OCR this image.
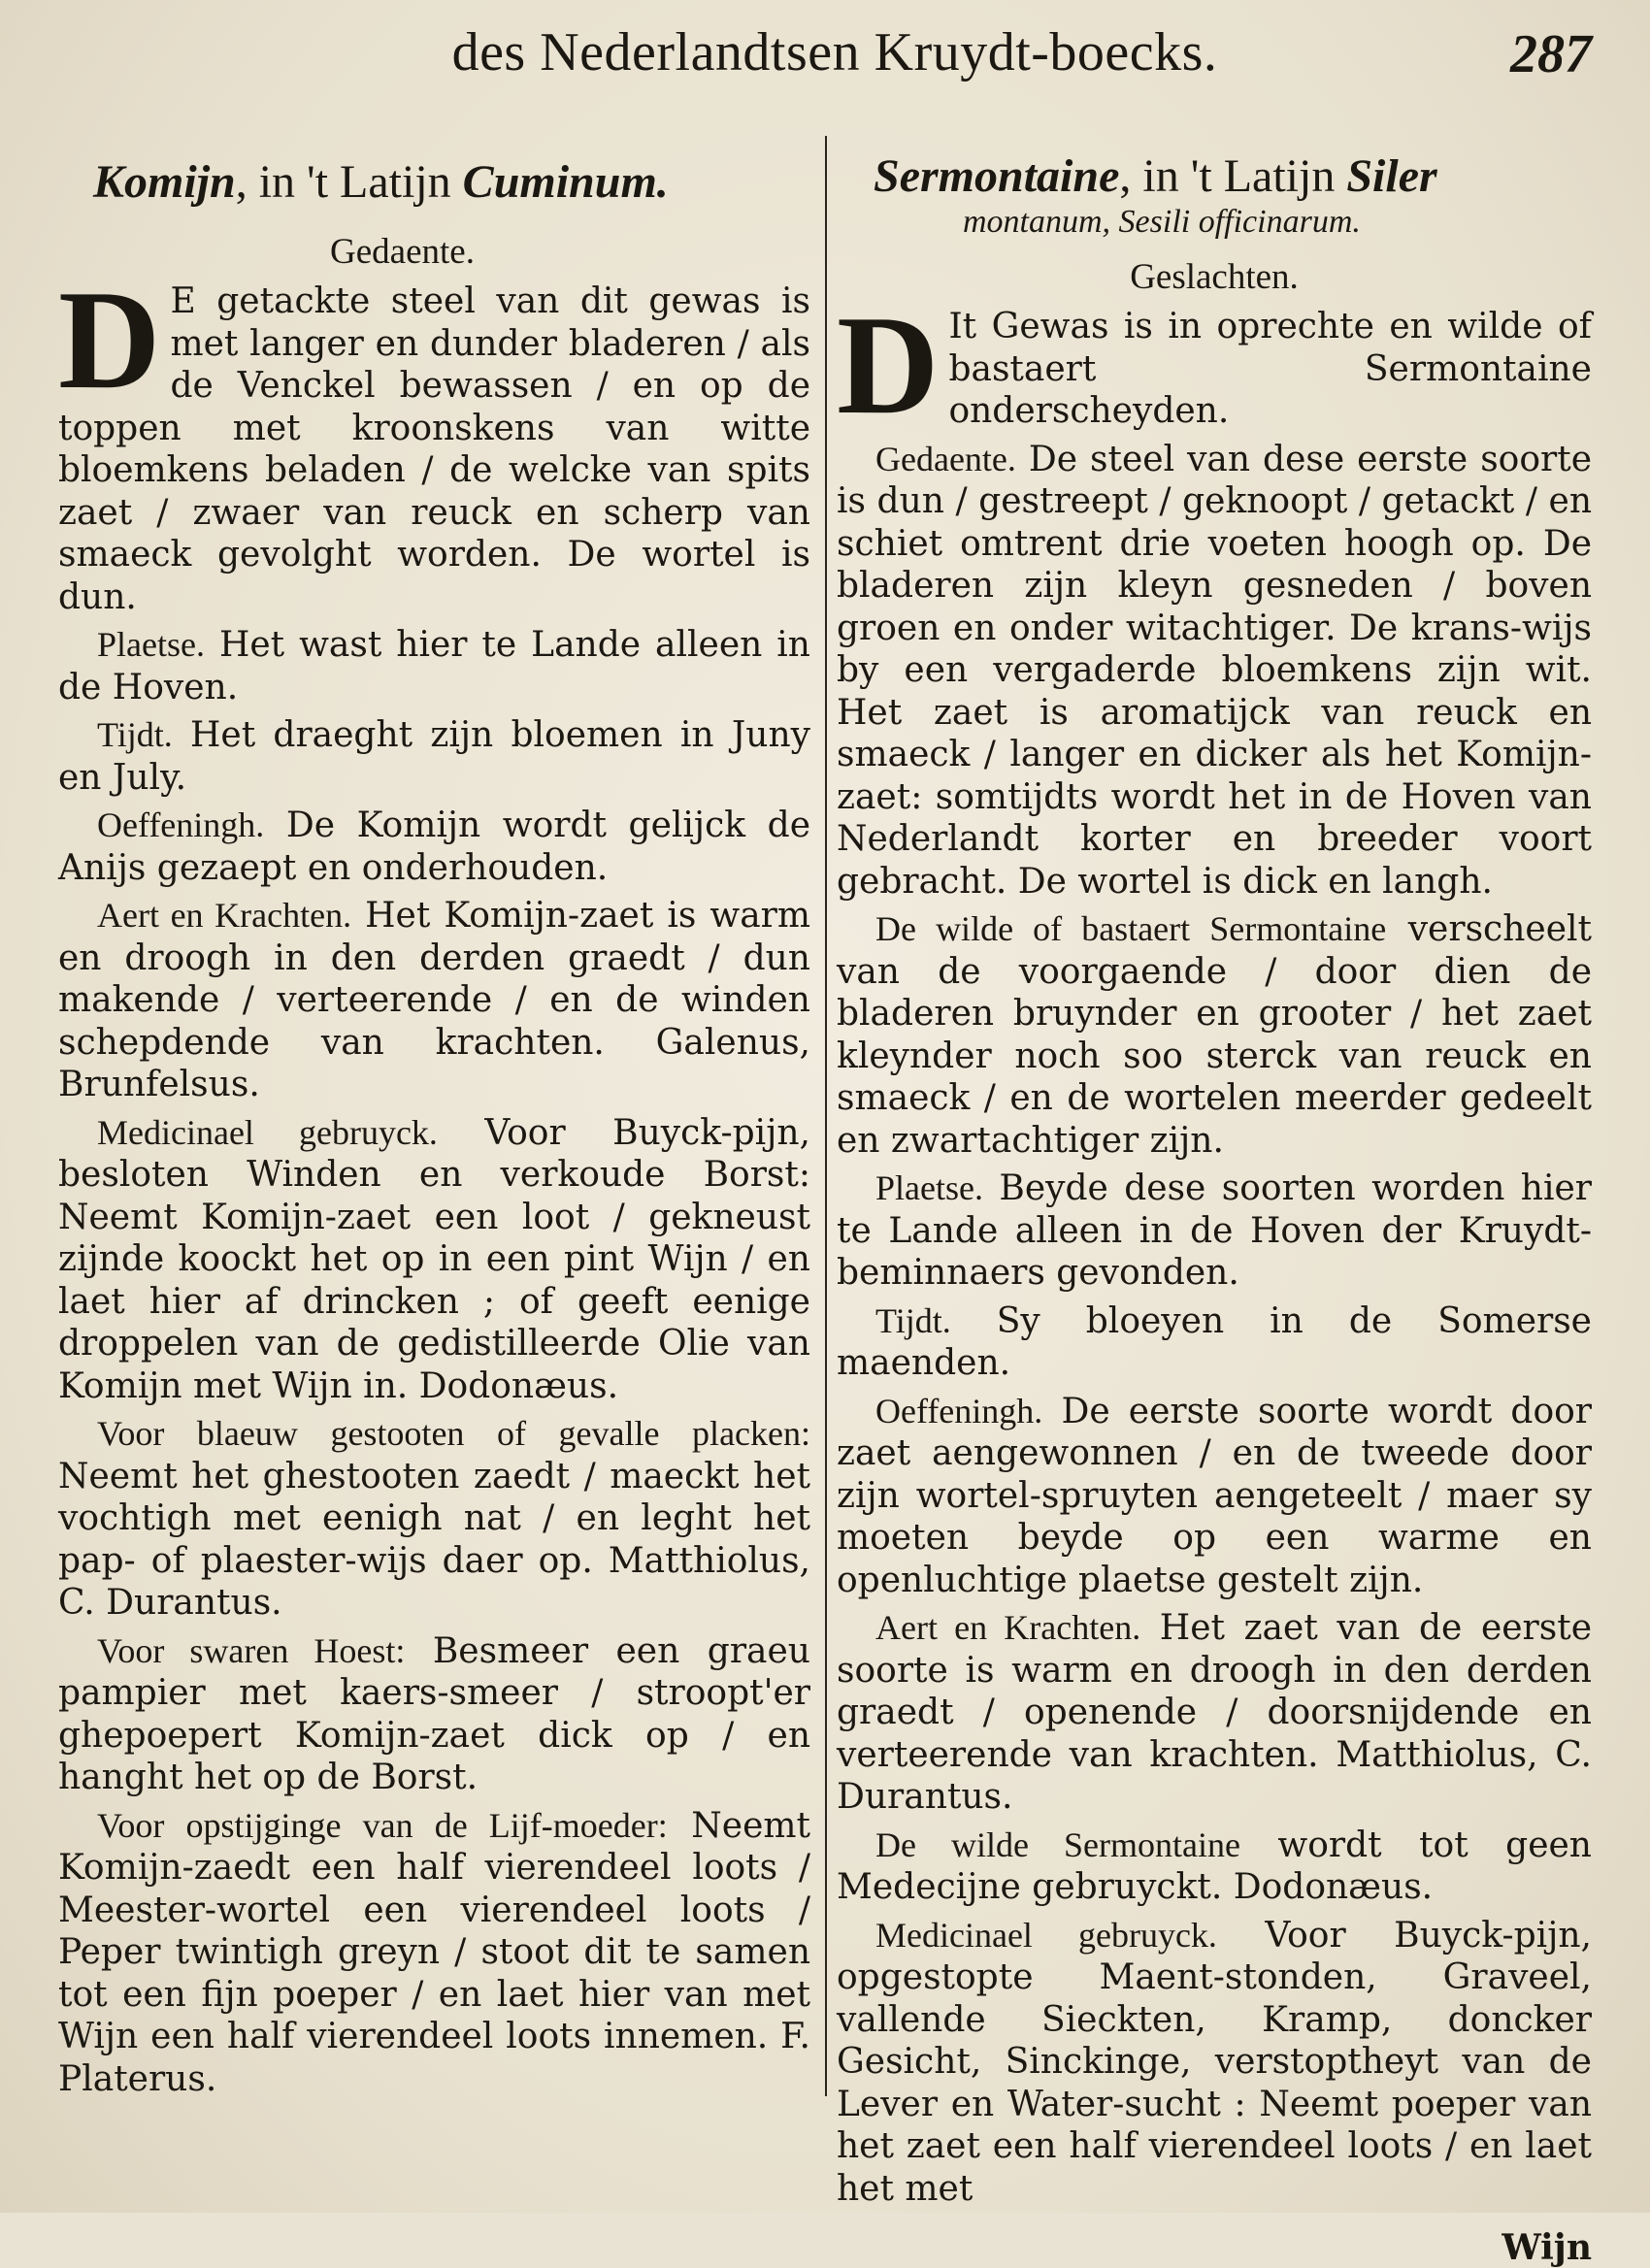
des Nederlandtsen Kruydt-boecks.	287
Komijn, in 't Latijn Cuminum.
Gedaente.

D E getackte steel van dit gewas is met langer en dunder bladeren / als de Venckel bewassen / en op de toppen met kroonskens van witte bloemkens beladen / de welcke van spits zaet / zwaer van reuck en scherp van smaeck gevolght worden. De wortel is dun.

Plaetse. Het wast hier te Lande alleen in de Hoven.

Tijdt. Het draeght zijn bloemen in Juny en July.

Oeffeningh. De Komijn wordt gelijck de Anijs gezaept en onderhouden.

Aert en Krachten. Het Komijn-zaet is warm en droogh in den derden graedt / dun makende / verteerende / en de winden schepdende van krachten. Galenus, Brunfelsus.

Medicinael gebruyck. Voor Buyck-pijn, besloten Winden en verkoude Borst: Neemt Komijn-zaet een loot / gekneust zijnde koockt het op in een pint Wijn / en laet hier af drincken ; of geeft eenige droppelen van de gedistilleerde Olie van Komijn met Wijn in. Dodonæus.

Voor blaeuw gestooten of gevalle placken: Neemt het ghestooten zaedt / maeckt het vochtigh met eenigh nat / en leght het pap- of plaester-wijs daer op. Matthiolus, C. Durantus.

Voor swaren Hoest: Besmeer een graeu pampier met kaers-smeer / stroopt'er ghepoepert Komijn-zaet dick op / en hanght het op de Borst.

Voor opstijginge van de Lijf-moeder: Neemt Komijn-zaedt een half vierendeel loots / Meester-wortel een vierendeel loots / Peper twintigh greyn / stoot dit te samen tot een fijn poeper / en laet hier van met Wijn een half vierendeel loots innemen. F. Platerus.

Sermontaine, in 't Latijn Siler
montanum, Sesili officinarum.
Geslachten.

D It Gewas is in oprechte en wilde of bastaert Sermontaine onderscheyden.

Gedaente. De steel van dese eerste soorte is dun / gestreept / geknoopt / getackt / en schiet omtrent drie voeten hoogh op. De bladeren zijn kleyn gesneden / boven groen en onder witachtiger. De krans-wijs by een vergaderde bloemkens zijn wit. Het zaet is aromatijck van reuck en smaeck / langer en dicker als het Komijn-zaet: somtijdts wordt het in de Hoven van Nederlandt korter en breeder voort gebracht. De wortel is dick en langh.

De wilde of bastaert Sermontaine verscheelt van de voorgaende / door dien de bladeren bruynder en grooter / het zaet kleynder noch soo sterck van reuck en smaeck / en de wortelen meerder gedeelt en zwartachtiger zijn.

Plaetse. Beyde dese soorten worden hier te Lande alleen in de Hoven der Kruydt-beminnaers gevonden.

Tijdt. Sy bloeyen in de Somerse maenden.

Oeffeningh. De eerste soorte wordt door zaet aengewonnen / en de tweede door zijn wortel-spruyten aengeteelt / maer sy moeten beyde op een warme en openluchtige plaetse gestelt zijn.

Aert en Krachten. Het zaet van de eerste soorte is warm en droogh in den derden graedt / openende / doorsnijdende en verteerende van krachten. Matthiolus, C. Durantus.

De wilde Sermontaine wordt tot geen Medecijne gebruyckt. Dodonæus.

Medicinael gebruyck. Voor Buyck-pijn, opgestopte Maent-stonden, Graveel, vallende Sieckten, Kramp, doncker Gesicht, Sinckinge, verstoptheyt van de Lever en Water-sucht : Neemt poeper van het zaet een half vierendeel loots / en laet het met

Wijn
